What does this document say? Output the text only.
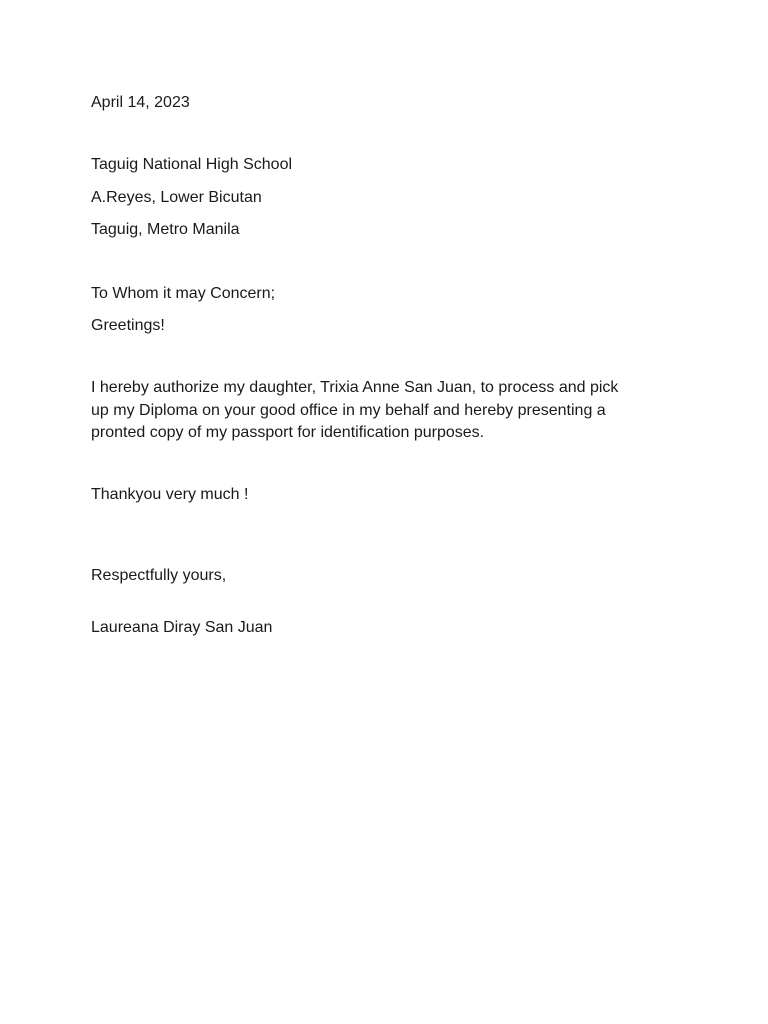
April 14, 2023

Taguig National High School

A.Reyes, Lower Bicutan

Taguig, Metro Manila

To Whom it may Concern;

Greetings!

I hereby authorize my daughter, Trixia Anne San Juan, to process and pick
up my Diploma on your good office in my behalf and hereby presenting a
pronted copy of my passport for identification purposes.

Thankyou very much !

Respectfully yours,

Laureana Diray San Juan
